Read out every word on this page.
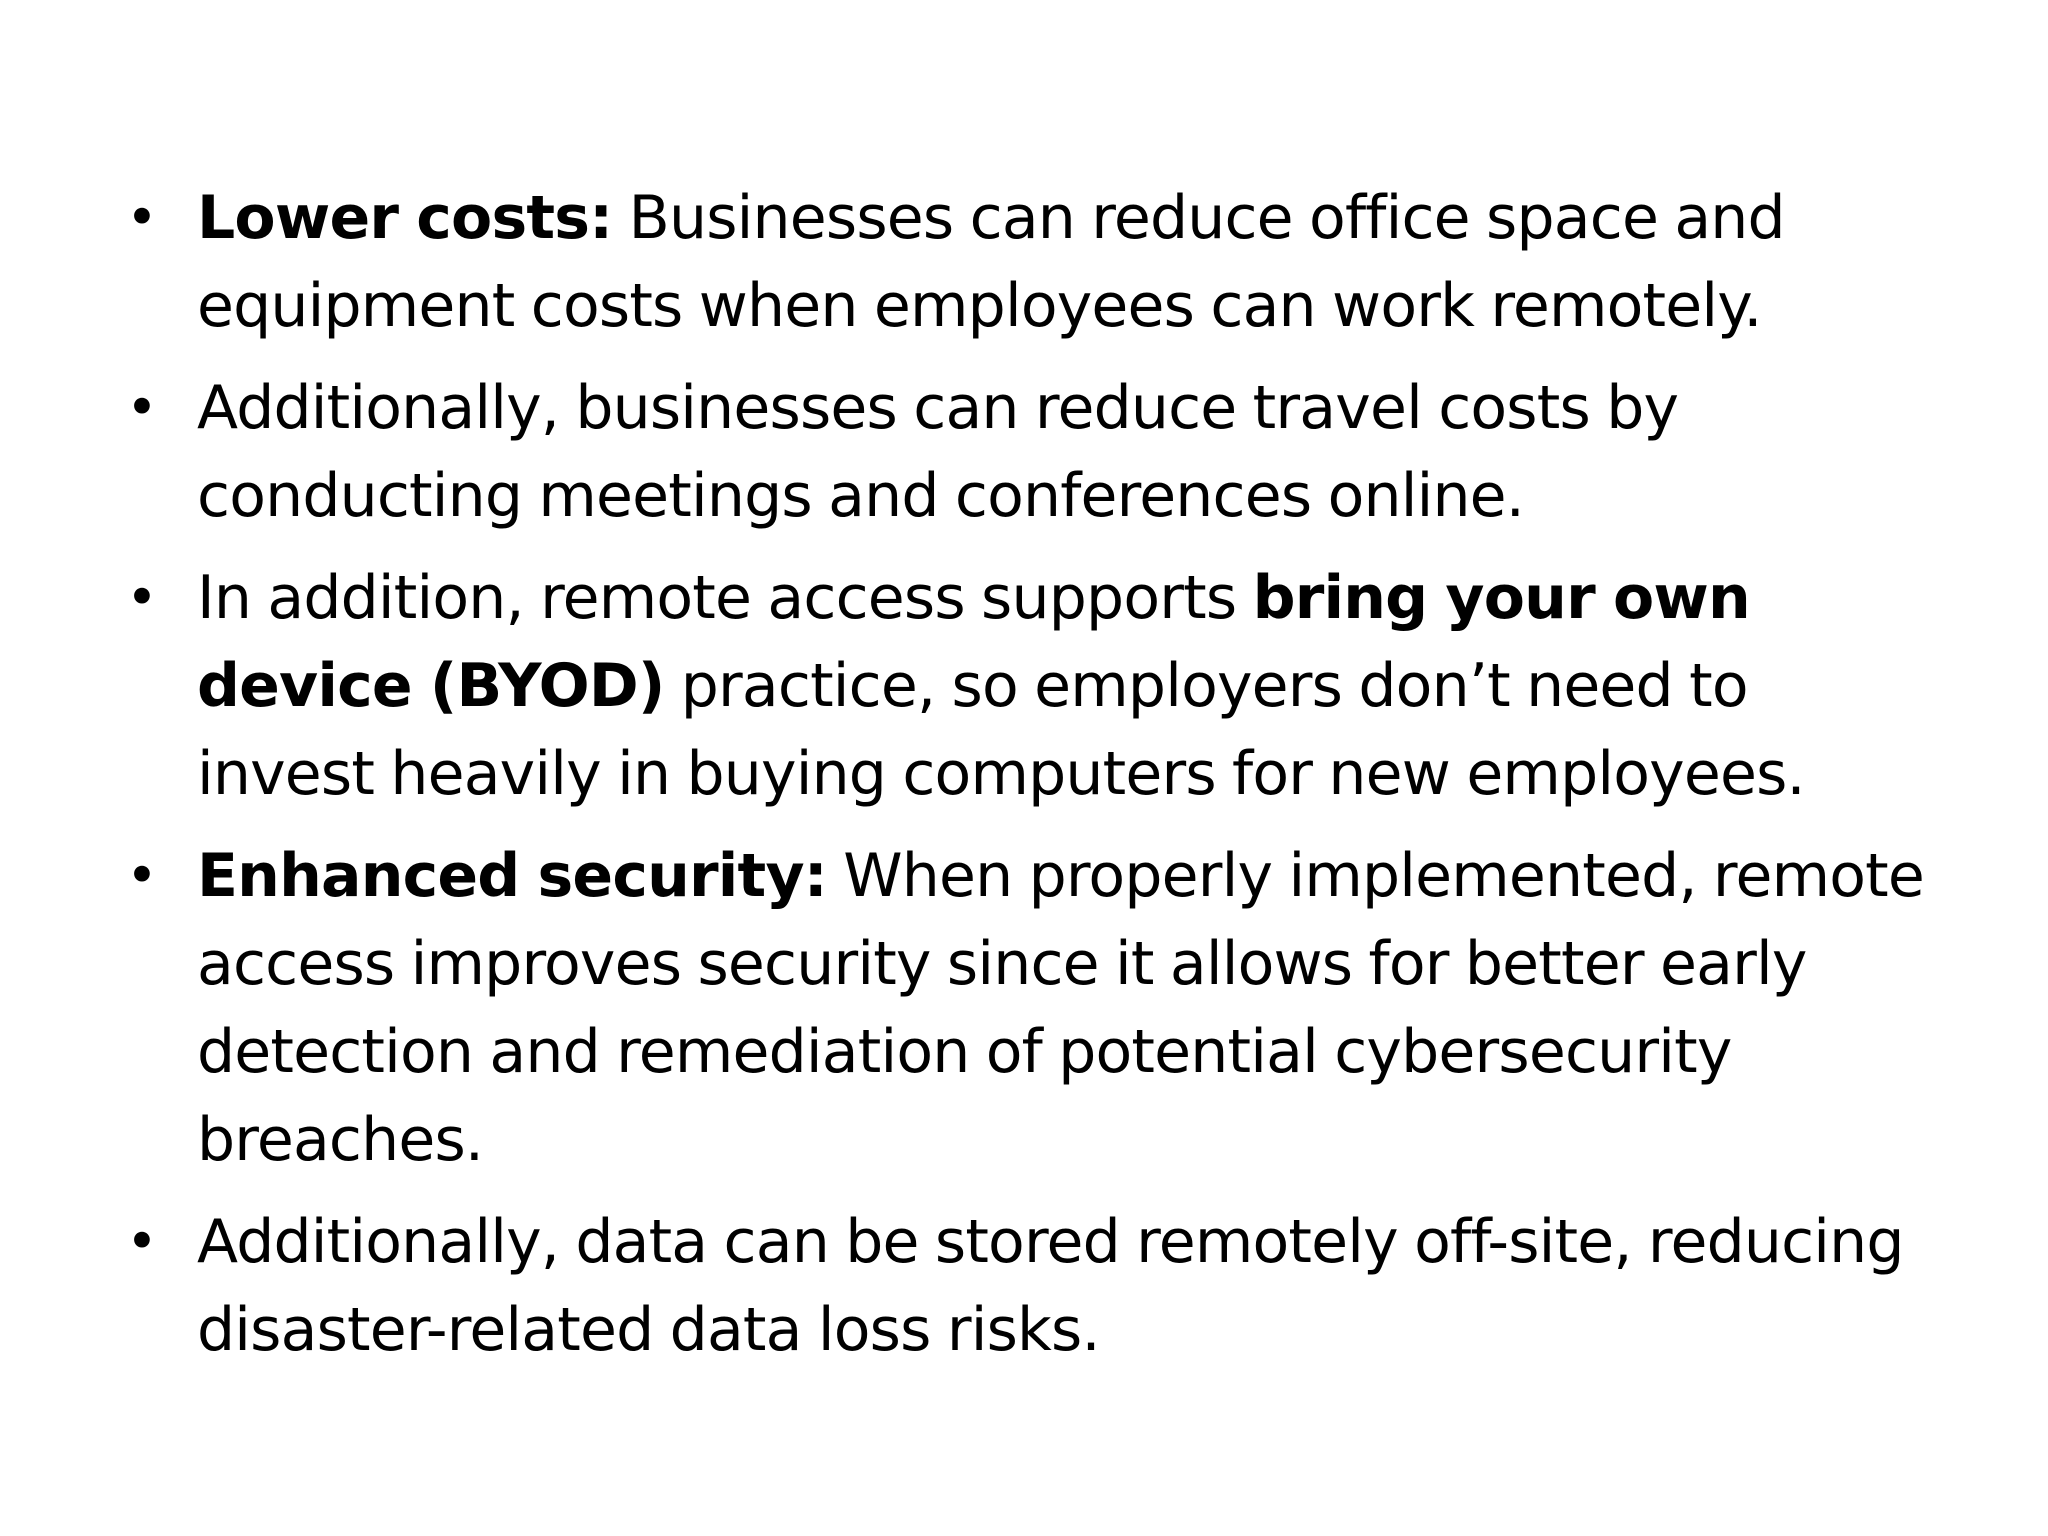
• Lower costs: Businesses can reduce office space and equipment costs when employees can work remotely.
• Additionally, businesses can reduce travel costs by conducting meetings and conferences online.
• In addition, remote access supports bring your own device (BYOD) practice, so employers don’t need to invest heavily in buying computers for new employees.
• Enhanced security: When properly implemented, remote access improves security since it allows for better early detection and remediation of potential cybersecurity breaches.
• Additionally, data can be stored remotely off-site, reducing disaster-related data loss risks.
